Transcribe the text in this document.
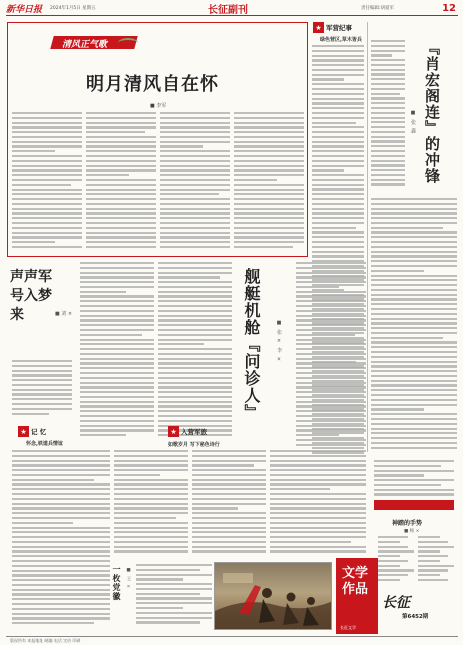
新华日报 2024年1月5日 星期五	长征副刊	责任编辑:胡爱军	12
清风正气歌
明月清风自在怀
■ 李军
★ 军营纪事
绿色营区,草木皆兵	『肖宏阁连』的冲锋
■ 张 鑫
声声军号入梦来	■ 刘 ×	舰艇机舱『问诊人』	■ 张 × 李 ×
★ 记 忆
怀念,铁道兵情谊
★ 入营军旅
如歌岁月 写下秘色诗行
一枚党徽 ■ 王 ×	文学作品
长征文学
长征
第6452期
神踏的手势
■ 杨 ×
版权所有 本报地址 邮编 电话 定价 印刷
